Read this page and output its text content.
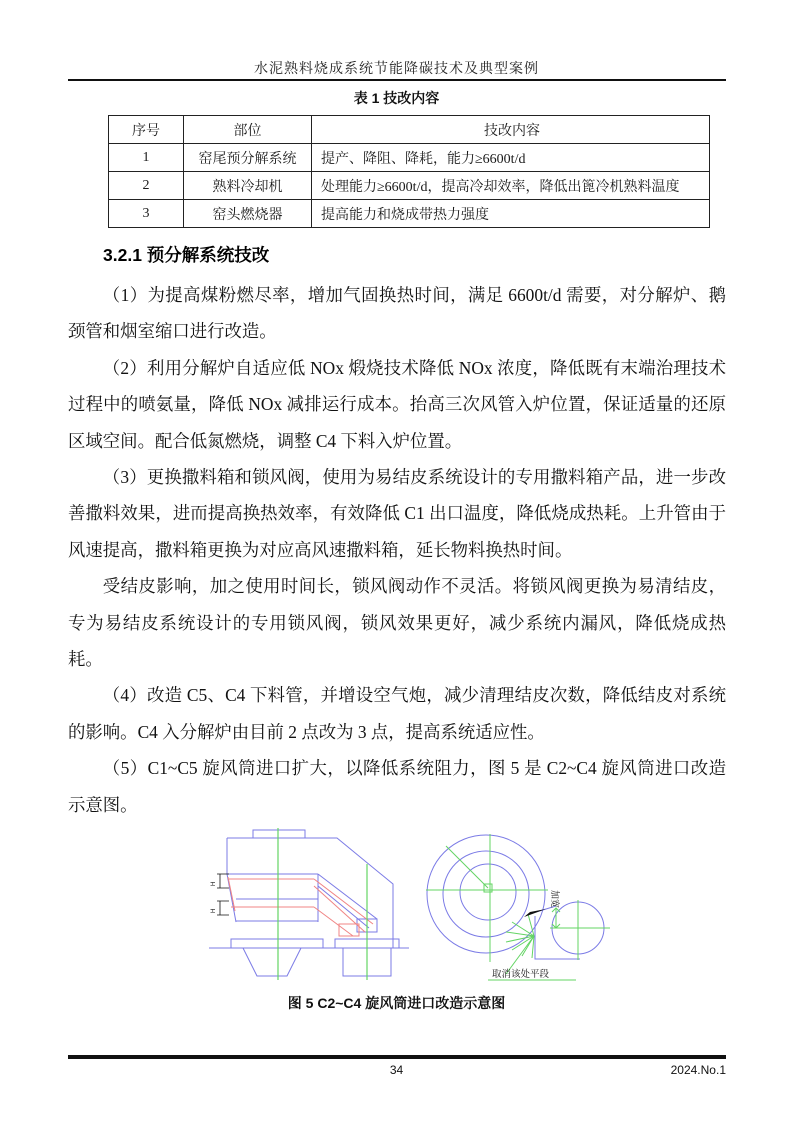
水泥熟料烧成系统节能降碳技术及典型案例
表 1 技改内容
序号	部位	技改内容
1	窑尾预分解系统	提产、降阻、降耗，能力≥6600t/d
2	熟料冷却机	处理能力≥6600t/d，提高冷却效率，降低出篦冷机熟料温度
3	窑头燃烧器	提高能力和烧成带热力强度
3.2.1 预分解系统技改

（1）为提高煤粉燃尽率，增加气固换热时间，满足 6600t/d 需要，对分解炉、鹅颈管和烟室缩口进行改造。

（2）利用分解炉自适应低 NOx 煅烧技术降低 NOx 浓度，降低既有末端治理技术过程中的喷氨量，降低 NOx 减排运行成本。抬高三次风管入炉位置，保证适量的还原区域空间。配合低氮燃烧，调整 C4 下料入炉位置。

（3）更换撒料箱和锁风阀，使用为易结皮系统设计的专用撒料箱产品，进一步改善撒料效果，进而提高换热效率，有效降低 C1 出口温度，降低烧成热耗。上升管由于风速提高，撒料箱更换为对应高风速撒料箱，延长物料换热时间。

受结皮影响，加之使用时间长，锁风阀动作不灵活。将锁风阀更换为易清结皮，专为易结皮系统设计的专用锁风阀，锁风效果更好，减少系统内漏风，降低烧成热耗。

（4）改造 C5、C4 下料管，并增设空气炮，减少清理结皮次数，降低结皮对系统的影响。C4 入分解炉由目前 2 点改为 3 点，提高系统适应性。

（5）C1~C5 旋风筒进口扩大，以降低系统阻力，图 5 是 C2~C4 旋风筒进口改造示意图。

H
H
加宽
取消该处平段
图 5 C2~C4 旋风筒进口改造示意图
34	2024.No.1
